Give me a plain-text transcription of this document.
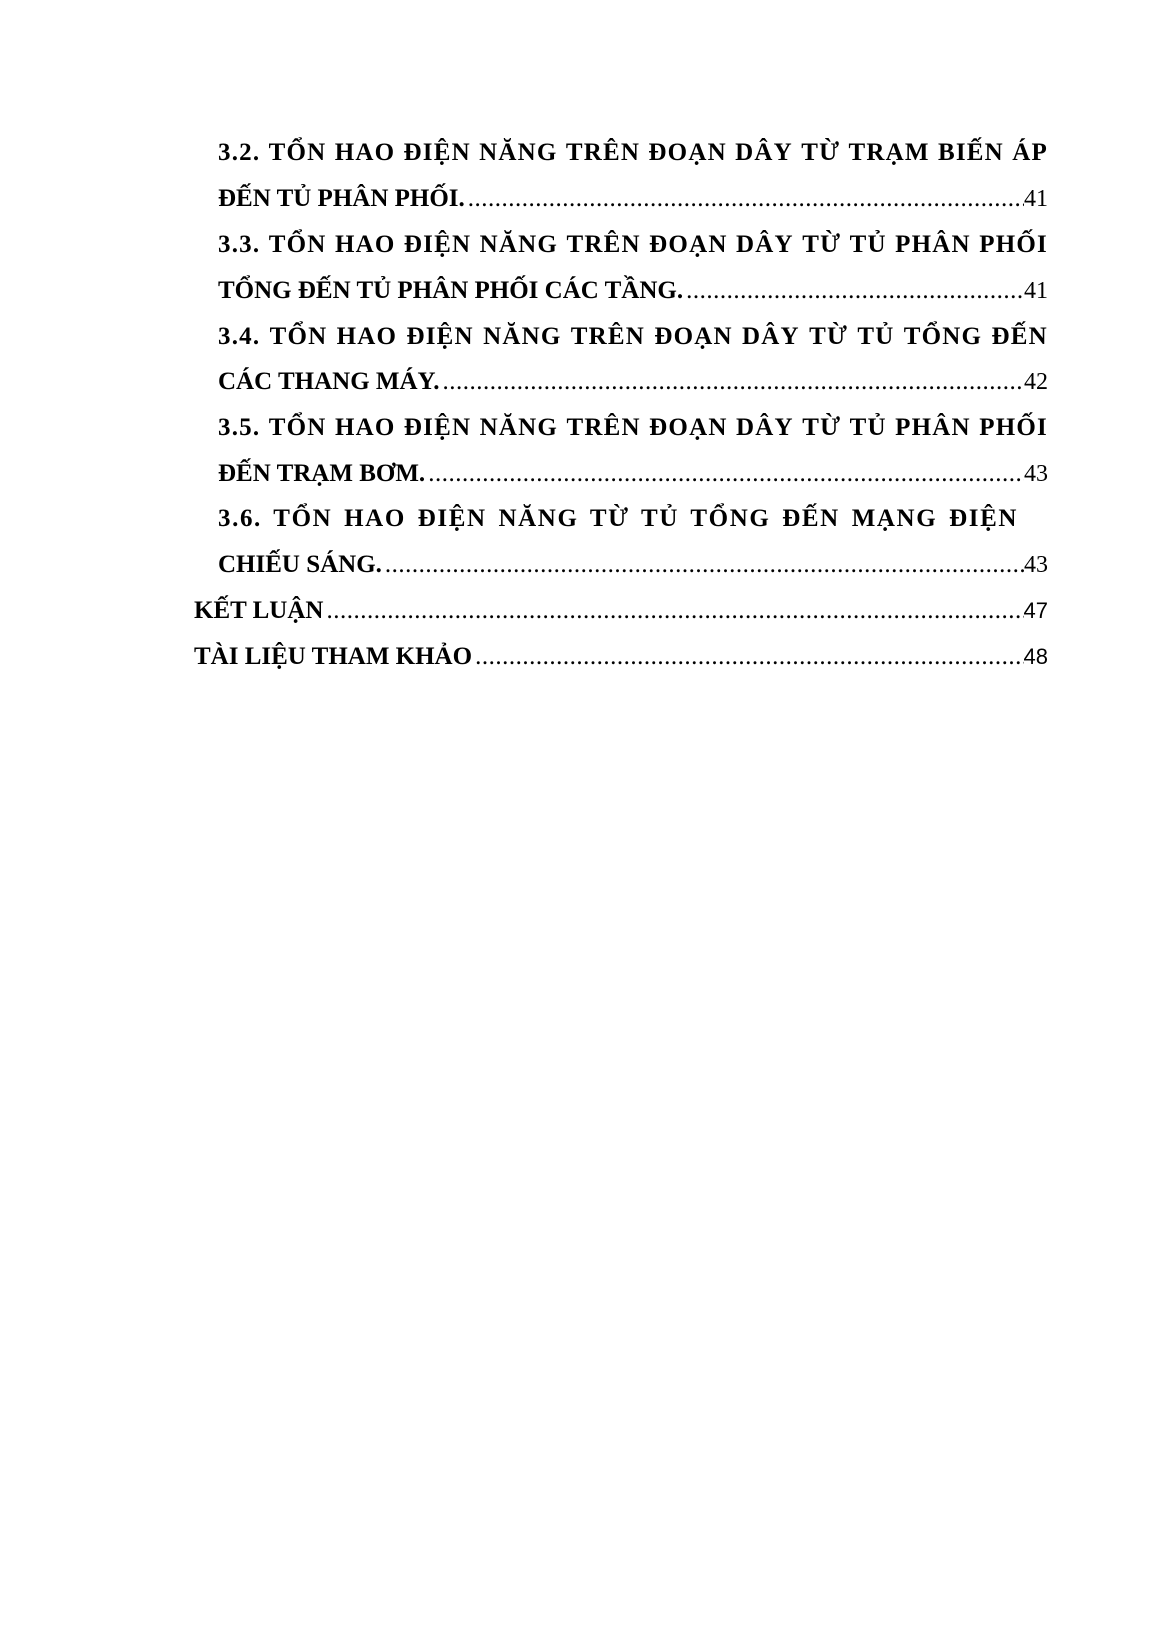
3.2. TỔN HAO ĐIỆN NĂNG TRÊN ĐOẠN DÂY TỪ TRẠM BIẾN ÁP
ĐẾN TỦ PHÂN PHỐI. .....	41
3.3. TỔN HAO ĐIỆN NĂNG TRÊN ĐOẠN DÂY TỪ TỦ PHÂN PHỐI
TỔNG ĐẾN TỦ PHÂN PHỐI CÁC TẦNG. .....	41
3.4. TỔN HAO ĐIỆN NĂNG TRÊN ĐOẠN DÂY TỪ TỦ TỔNG ĐẾN
CÁC THANG MÁY. .....	42
3.5. TỔN HAO ĐIỆN NĂNG TRÊN ĐOẠN DÂY TỪ TỦ PHÂN PHỐI
ĐẾN TRẠM BƠM. .....	43
3.6. TỔN HAO ĐIỆN NĂNG TỪ TỦ TỔNG ĐẾN MẠNG ĐIỆN
CHIẾU SÁNG. .....	43
KẾT LUẬN .....	47
TÀI LIỆU THAM KHẢO .....	48
